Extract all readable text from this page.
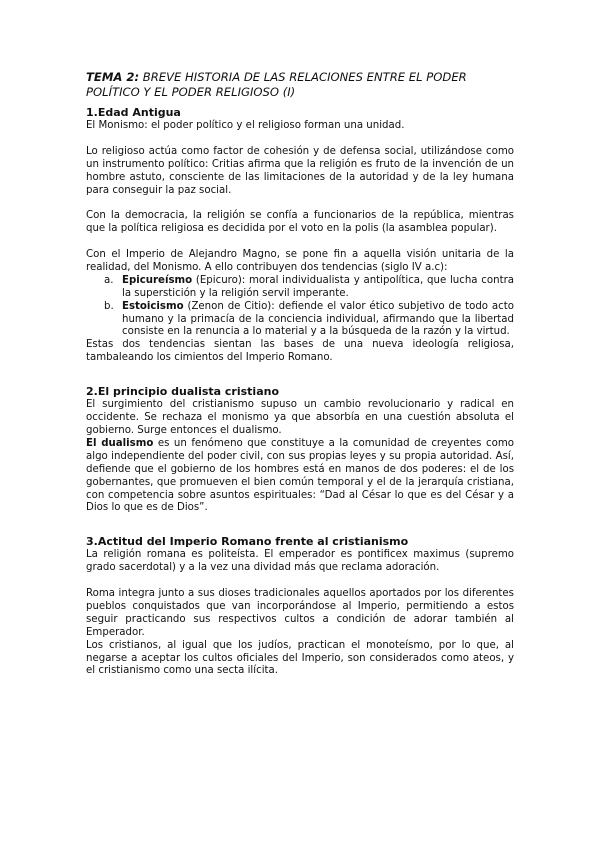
TEMA 2: BREVE HISTORIA DE LAS RELACIONES ENTRE EL PODER POLÍTICO Y EL PODER RELIGIOSO (I)
1.Edad Antigua

El Monismo: el poder político y el religioso forman una unidad.

Lo religioso actúa como factor de cohesión y de defensa social, utilizándose como un instrumento político: Critias afirma que la religión es fruto de la invención de un hombre astuto, consciente de las limitaciones de la autoridad y de la ley humana para conseguir la paz social.

Con la democracia, la religión se confía a funcionarios de la república, mientras que la política religiosa es decidida por el voto en la polis (la asamblea popular).

Con el Imperio de Alejandro Magno, se pone fin a aquella visión unitaria de la realidad, del Monismo. A ello contribuyen dos tendencias (siglo IV a.c):

a. Epicureísmo (Epicuro): moral individualista y antipolítica, que lucha contra la superstición y la religión servil imperante.
b. Estoicismo (Zenon de Citio): defiende el valor ético subjetivo de todo acto humano y la primacía de la conciencia individual, afirmando que la libertad consiste en la renuncia a lo material y a la búsqueda de la razón y la virtud.

Estas dos tendencias sientan las bases de una nueva ideología religiosa, tambaleando los cimientos del Imperio Romano.

2.El principio dualista cristiano

El surgimiento del cristianismo supuso un cambio revolucionario y radical en occidente. Se rechaza el monismo ya que absorbía en una cuestión absoluta el gobierno. Surge entonces el dualismo.

El dualismo es un fenómeno que constituye a la comunidad de creyentes como algo independiente del poder civil, con sus propias leyes y su propia autoridad. Así, defiende que el gobierno de los hombres está en manos de dos poderes: el de los gobernantes, que promueven el bien común temporal y el de la jerarquía cristiana, con competencia sobre asuntos espirituales: “Dad al César lo que es del César y a Dios lo que es de Dios”.

3.Actitud del Imperio Romano frente al cristianismo

La religión romana es politeísta. El emperador es pontificex maximus (supremo grado sacerdotal) y a la vez una dividad más que reclama adoración.

Roma integra junto a sus dioses tradicionales aquellos aportados por los diferentes pueblos conquistados que van incorporándose al Imperio, permitiendo a estos seguir practicando sus respectivos cultos a condición de adorar también al Emperador.

Los cristianos, al igual que los judíos, practican el monoteísmo, por lo que, al negarse a aceptar los cultos oficiales del Imperio, son considerados como ateos, y el cristianismo como una secta ilícita.
